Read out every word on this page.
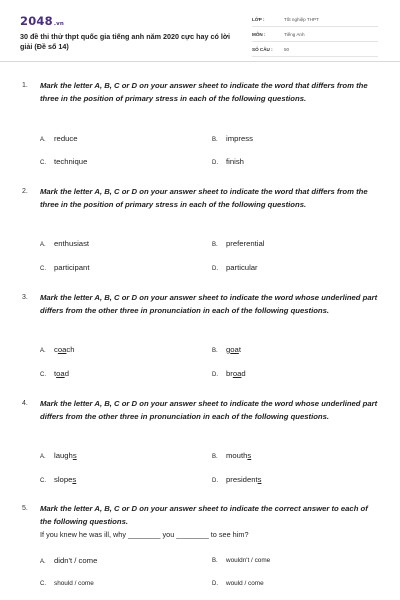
2048.vn
30 đề thi thử thpt quốc gia tiếng anh năm 2020 cực hay có lời giải (Đề số 14)
LỚP :	Tốt nghiệp THPT
MÔN :	Tiếng Anh
SỐ CÂU : 50
1. Mark the letter A, B, C or D on your answer sheet to indicate the word that differs from the three in the position of primary stress in each of the following questions.
A. reduce	B. impress
C. technique	D. finish
2. Mark the letter A, B, C or D on your answer sheet to indicate the word that differs from the three in the position of primary stress in each of the following questions.
A. enthusiast	B. preferential
C. participant	D. particular
3. Mark the letter A, B, C or D on your answer sheet to indicate the word whose underlined part differs from the other three in pronunciation in each of the following questions.
A. coach	B. goat
C. toad	D. broad
4. Mark the letter A, B, C or D on your answer sheet to indicate the word whose underlined part differs from the other three in pronunciation in each of the following questions.
A. laughs	B. mouths
C. slopes	D. presidents
5. Mark the letter A, B, C or D on your answer sheet to indicate the correct answer to each of the following questions.
If you knew he was ill, why ________ you ________ to see him?
A. didn't / come	B. wouldn't / come
C. should / come	D. would / come
